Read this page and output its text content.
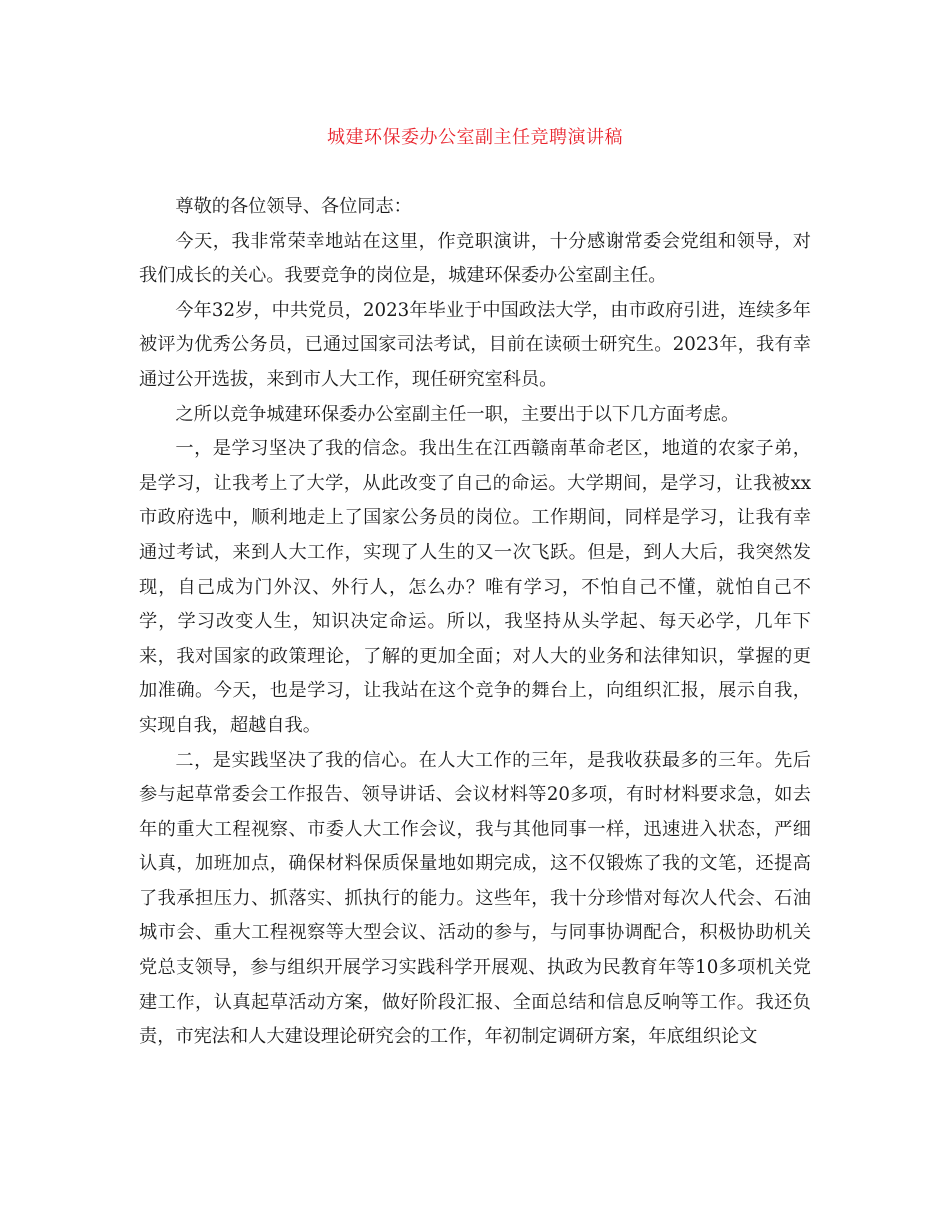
城建环保委办公室副主任竞聘演讲稿

尊敬的各位领导、各位同志：

今天，我非常荣幸地站在这里，作竞职演讲，十分感谢常委会党组和领导，对我们成长的关心。我要竞争的岗位是，城建环保委办公室副主任。

今年32岁，中共党员，2023年毕业于中国政法大学，由市政府引进，连续多年被评为优秀公务员，已通过国家司法考试，目前在读硕士研究生。2023年，我有幸通过公开选拔，来到市人大工作，现任研究室科员。

之所以竞争城建环保委办公室副主任一职，主要出于以下几方面考虑。

一，是学习坚决了我的信念。我出生在江西赣南革命老区，地道的农家子弟，是学习，让我考上了大学，从此改变了自己的命运。大学期间，是学习，让我被xx市政府选中，顺利地走上了国家公务员的岗位。工作期间，同样是学习，让我有幸通过考试，来到人大工作，实现了人生的又一次飞跃。但是，到人大后，我突然发现，自己成为门外汉、外行人，怎么办？唯有学习，不怕自己不懂，就怕自己不学，学习改变人生，知识决定命运。所以，我坚持从头学起、每天必学，几年下来，我对国家的政策理论，了解的更加全面；对人大的业务和法律知识，掌握的更加准确。今天，也是学习，让我站在这个竞争的舞台上，向组织汇报，展示自我，实现自我，超越自我。

二，是实践坚决了我的信心。在人大工作的三年，是我收获最多的三年。先后参与起草常委会工作报告、领导讲话、会议材料等20多项，有时材料要求急，如去年的重大工程视察、市委人大工作会议，我与其他同事一样，迅速进入状态，严细认真，加班加点，确保材料保质保量地如期完成，这不仅锻炼了我的文笔，还提高了我承担压力、抓落实、抓执行的能力。这些年，我十分珍惜对每次人代会、石油城市会、重大工程视察等大型会议、活动的参与，与同事协调配合，积极协助机关党总支领导，参与组织开展学习实践科学开展观、执政为民教育年等10多项机关党建工作，认真起草活动方案，做好阶段汇报、全面总结和信息反响等工作。我还负责，市宪法和人大建设理论研究会的工作，年初制定调研方案，年底组织论文
